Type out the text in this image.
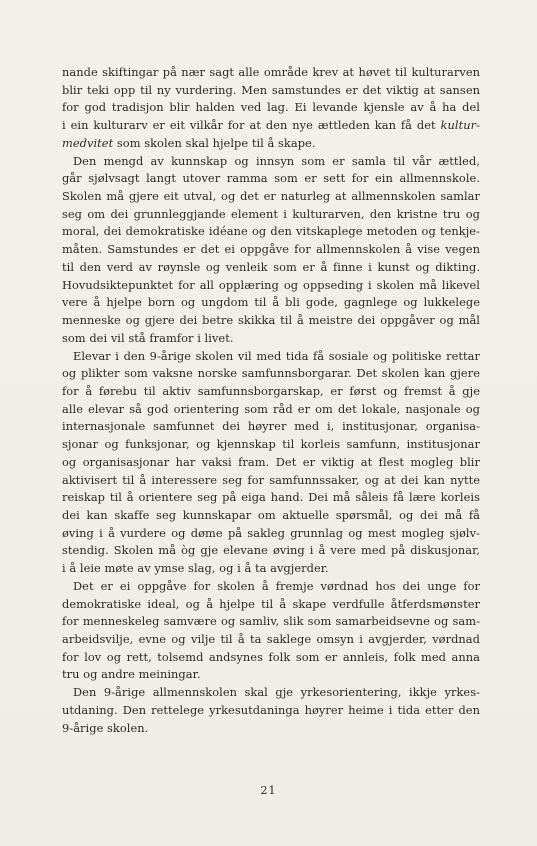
nande skiftingar på nær sagt alle område krev at høvet til kulturarven
blir teki opp til ny vurdering. Men samstundes er det viktig at sansen
for god tradisjon blir halden ved lag. Ei levande kjensle av å ha del
i ein kulturarv er eit vilkår for at den nye ættleden kan få det kultur-
medvitet som skolen skal hjelpe til å skape.
Den mengd av kunnskap og innsyn som er samla til vår ættled,
går sjølvsagt langt utover ramma som er sett for ein allmennskole.
Skolen må gjere eit utval, og det er naturleg at allmennskolen samlar
seg om dei grunnleggjande element i kulturarven, den kristne tru og
moral, dei demokratiske idéane og den vitskaplege metoden og tenkje-
måten. Samstundes er det ei oppgåve for allmennskolen å vise vegen
til den verd av røynsle og venleik som er å finne i kunst og dikting.
Hovudsiktepunktet for all opplæring og oppseding i skolen må likevel
vere å hjelpe born og ungdom til å bli gode, gagnlege og lukkelege
menneske og gjere dei betre skikka til å meistre dei oppgåver og mål
som dei vil stå framfor i livet.
Elevar i den 9-årige skolen vil med tida få sosiale og politiske rettar
og plikter som vaksne norske samfunnsborgarar. Det skolen kan gjere
for å førebu til aktiv samfunnsborgarskap, er først og fremst å gje
alle elevar så god orientering som råd er om det lokale, nasjonale og
internasjonale samfunnet dei høyrer med i, institusjonar, organisa-
sjonar og funksjonar, og kjennskap til korleis samfunn, institusjonar
og organisasjonar har vaksi fram. Det er viktig at flest mogleg blir
aktivisert til å interessere seg for samfunnssaker, og at dei kan nytte
reiskap til å orientere seg på eiga hand. Dei må såleis få lære korleis
dei kan skaffe seg kunnskapar om aktuelle spørsmål, og dei må få
øving i å vurdere og døme på sakleg grunnlag og mest mogleg sjølv-
stendig. Skolen må òg gje elevane øving i å vere med på diskusjonar,
i å leie møte av ymse slag, og i å ta avgjerder.
Det er ei oppgåve for skolen å fremje vørdnad hos dei unge for
demokratiske ideal, og å hjelpe til å skape verdfulle åtferdsmønster
for menneskeleg samvære og samliv, slik som samarbeidsevne og sam-
arbeidsvilje, evne og vilje til å ta saklege omsyn i avgjerder, vørdnad
for lov og rett, tolsemd andsynes folk som er annleis, folk med anna
tru og andre meiningar.
Den 9-årige allmennskolen skal gje yrkesorientering, ikkje yrkes-
utdaning. Den rettelege yrkesutdaninga høyrer heime i tida etter den
9-årige skolen.
21
